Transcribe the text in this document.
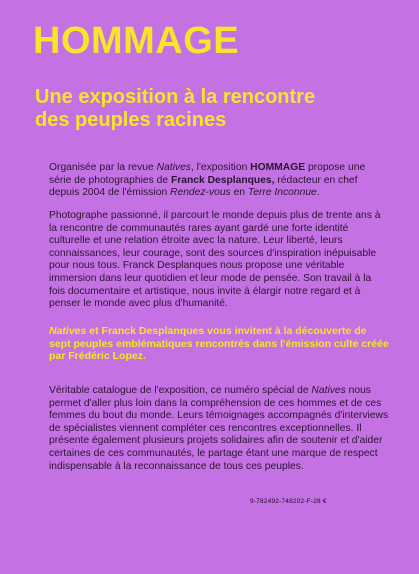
HOMMAGE
Une exposition à la rencontre
des peuples racines

Organisée par la revue Natives, l'exposition HOMMAGE propose une série de photographies de Franck Desplanques, rédacteur en chef depuis 2004 de l'émission Rendez-vous en Terre Inconnue.

Photographe passionné, il parcourt le monde depuis plus de trente ans à la rencontre de communautés rares ayant gardé une forte identité culturelle et une relation étroite avec la nature. Leur liberté, leurs connaissances, leur courage, sont des sources d'inspiration inépuisable pour nous tous. Franck Desplanques nous propose une véritable immersion dans leur quotidien et leur mode de pensée. Son travail à la fois documentaire et artistique, nous invite à élargir notre regard et à penser le monde avec plus d'humanité.

Natives et Franck Desplanques vous invitent à la découverte de sept peuples emblématiques rencontrés dans l'émission culte créée par Frédéric Lopez.

Véritable catalogue de l'exposition, ce numéro spécial de Natives nous permet d'aller plus loin dans la compréhension de ces hommes et de ces femmes du bout du monde. Leurs témoignages accompagnés d'interviews de spécialistes viennent compléter ces rencontres exceptionnelles. Il présente également plusieurs projets solidaires afin de soutenir et d'aider certaines de ces communautés, le partage étant une marque de respect indispensable à la reconnaissance de tous ces peuples.

9-782492-748202-F-28 €
